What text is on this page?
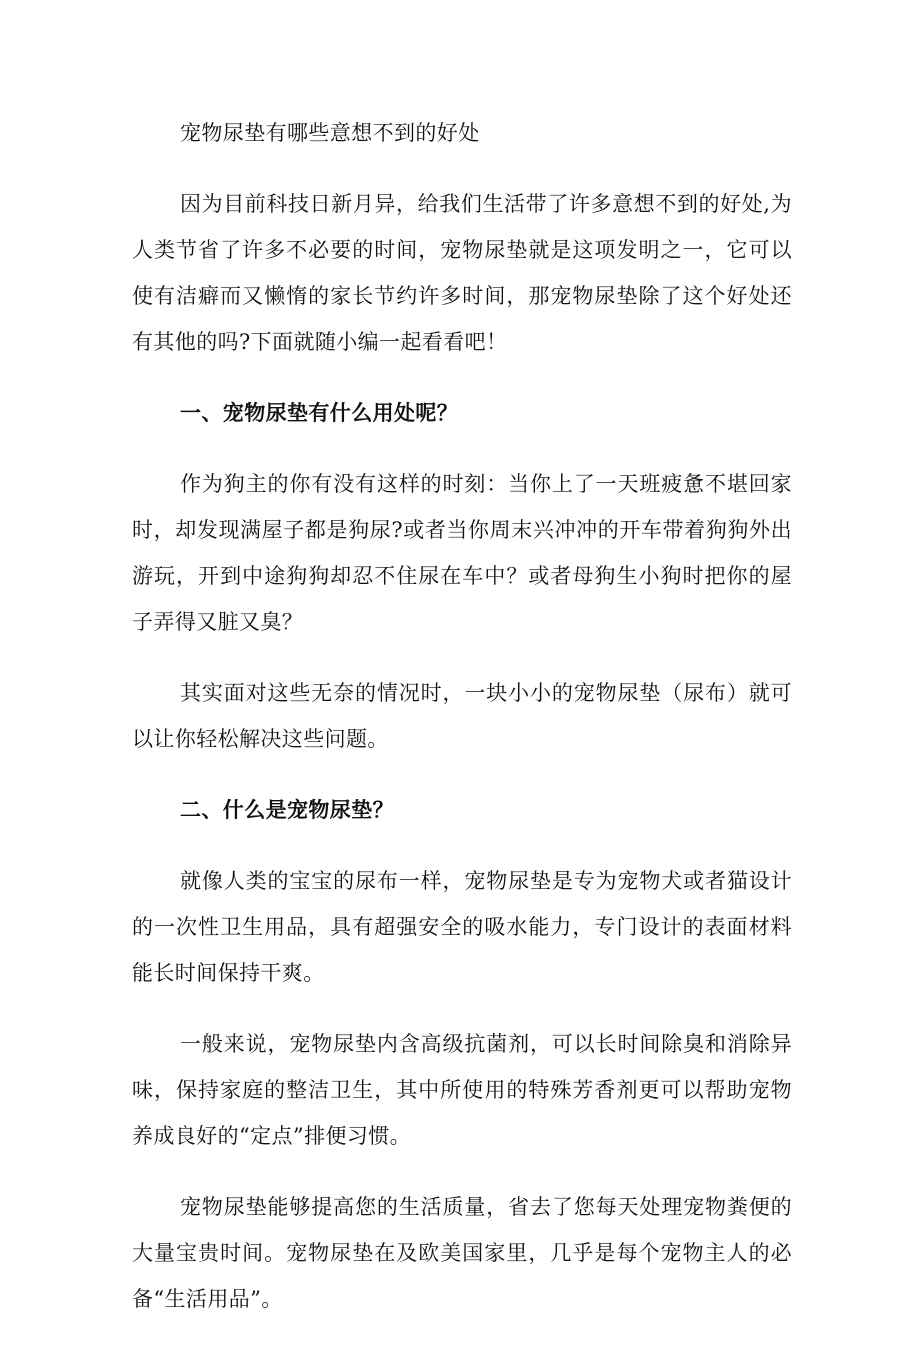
宠物尿垫有哪些意想不到的好处

因为目前科技日新月异，给我们生活带了许多意想不到的好处,为人类节省了许多不必要的时间，宠物尿垫就是这项发明之一，它可以使有洁癖而又懒惰的家长节约许多时间，那宠物尿垫除了这个好处还有其他的吗?下面就随小编一起看看吧！

一、宠物尿垫有什么用处呢？

作为狗主的你有没有这样的时刻：当你上了一天班疲惫不堪回家时，却发现满屋子都是狗尿?或者当你周末兴冲冲的开车带着狗狗外出游玩，开到中途狗狗却忍不住尿在车中？或者母狗生小狗时把你的屋子弄得又脏又臭？

其实面对这些无奈的情况时，一块小小的宠物尿垫（尿布）就可以让你轻松解决这些问题。

二、什么是宠物尿垫？

就像人类的宝宝的尿布一样，宠物尿垫是专为宠物犬或者猫设计的一次性卫生用品，具有超强安全的吸水能力，专门设计的表面材料能长时间保持干爽。

一般来说，宠物尿垫内含高级抗菌剂，可以长时间除臭和消除异味，保持家庭的整洁卫生，其中所使用的特殊芳香剂更可以帮助宠物养成良好的“定点”排便习惯。

宠物尿垫能够提高您的生活质量，省去了您每天处理宠物粪便的大量宝贵时间。宠物尿垫在及欧美国家里，几乎是每个宠物主人的必备“生活用品”。
